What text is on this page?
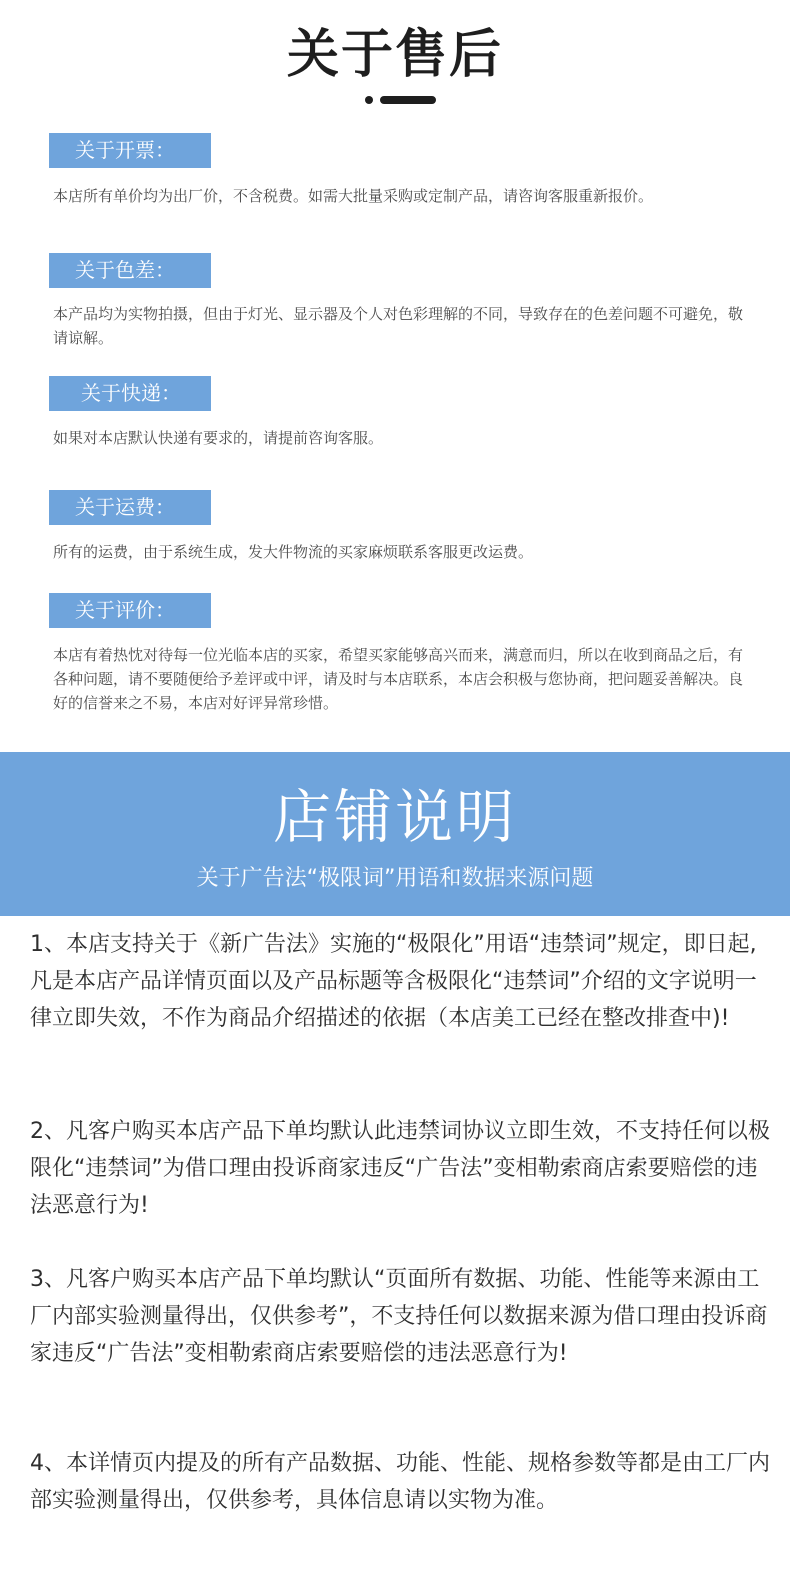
关于售后
关于开票：
本店所有单价均为出厂价，不含税费。如需大批量采购或定制产品，请咨询客服重新报价。
关于色差：
本产品均为实物拍摄，但由于灯光、显示器及个人对色彩理解的不同，导致存在的色差问题不可避免，敬请谅解。
关于快递：
如果对本店默认快递有要求的，请提前咨询客服。
关于运费：
所有的运费，由于系统生成，发大件物流的买家麻烦联系客服更改运费。
关于评价：
本店有着热忱对待每一位光临本店的买家，希望买家能够高兴而来，满意而归，所以在收到商品之后，有各种问题，请不要随便给予差评或中评，请及时与本店联系，本店会积极与您协商，把问题妥善解决。良好的信誉来之不易，本店对好评异常珍惜。
店铺说明
关于广告法“极限词”用语和数据来源问题
1、本店支持关于《新广告法》实施的“极限化”用语“违禁词”规定，即日起,凡是本店产品详情页面以及产品标题等含极限化“违禁词”介绍的文字说明一律立即失效，不作为商品介绍描述的依据（本店美工已经在整改排查中)!
2、凡客户购买本店产品下单均默认此违禁词协议立即生效，不支持任何以极限化“违禁词”为借口理由投诉商家违反“广告法”变相勒索商店索要赔偿的违法恶意行为!
3、凡客户购买本店产品下单均默认“页面所有数据、功能、性能等来源由工厂内部实验测量得出，仅供参考”，不支持任何以数据来源为借口理由投诉商家违反“广告法”变相勒索商店索要赔偿的违法恶意行为!
4、本详情页内提及的所有产品数据、功能、性能、规格参数等都是由工厂内部实验测量得出，仅供参考，具体信息请以实物为准。
